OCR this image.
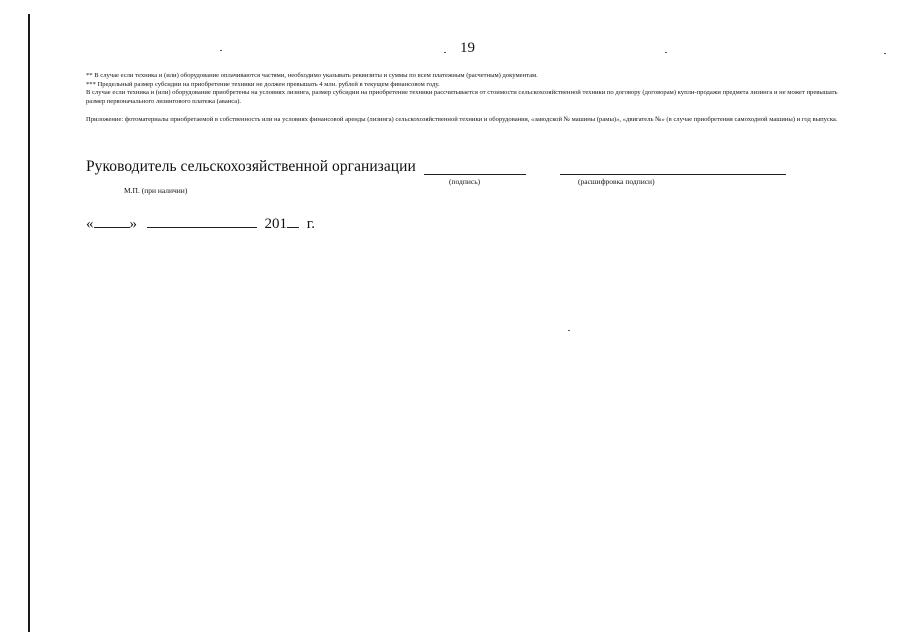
19

** В случае если техника и (или) оборудование оплачиваются частями, необходимо указывать реквизиты и суммы по всем платежным (расчетным) документам.

*** Предельный размер субсидии на приобретение техники не должен превышать 4 млн. рублей в текущем финансовом году.

В случае если техника и (или) оборудование приобретены на условиях лизинга, размер субсидии на приобретение техники рассчитывается от стоимости сельскохозяйственной техники по договору (договорам) купли-продажи предмета лизинга и не может превышать размер первоначального лизингового платежа (аванса).

Приложение: фотоматериалы приобретаемой в собственность или на условиях финансовой аренды (лизинга) сельскохозяйственной техники и оборудования, «заводской № машины (рамы)», «двигатель №» (в случае приобретения самоходной машины) и год выпуска.

Руководитель сельскохозяйственной организации
(подпись)	(расшифровка подписи)
М.П. (при наличии)
« »	201 г.
